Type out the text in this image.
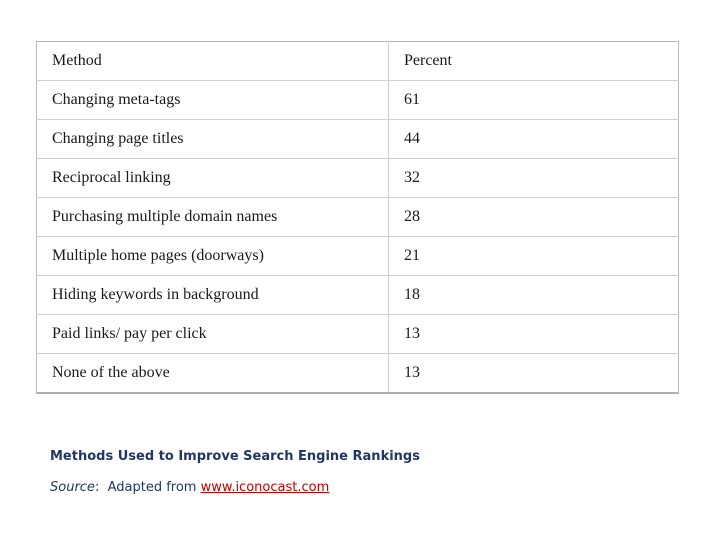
Method	Percent
Changing meta-tags	61
Changing page titles	44
Reciprocal linking	32
Purchasing multiple domain names	28
Multiple home pages (doorways)	21
Hiding keywords in background	18
Paid links/ pay per click	13
None of the above	13
Methods Used to Improve Search Engine Rankings
Source: Adapted from www.iconocast.com
